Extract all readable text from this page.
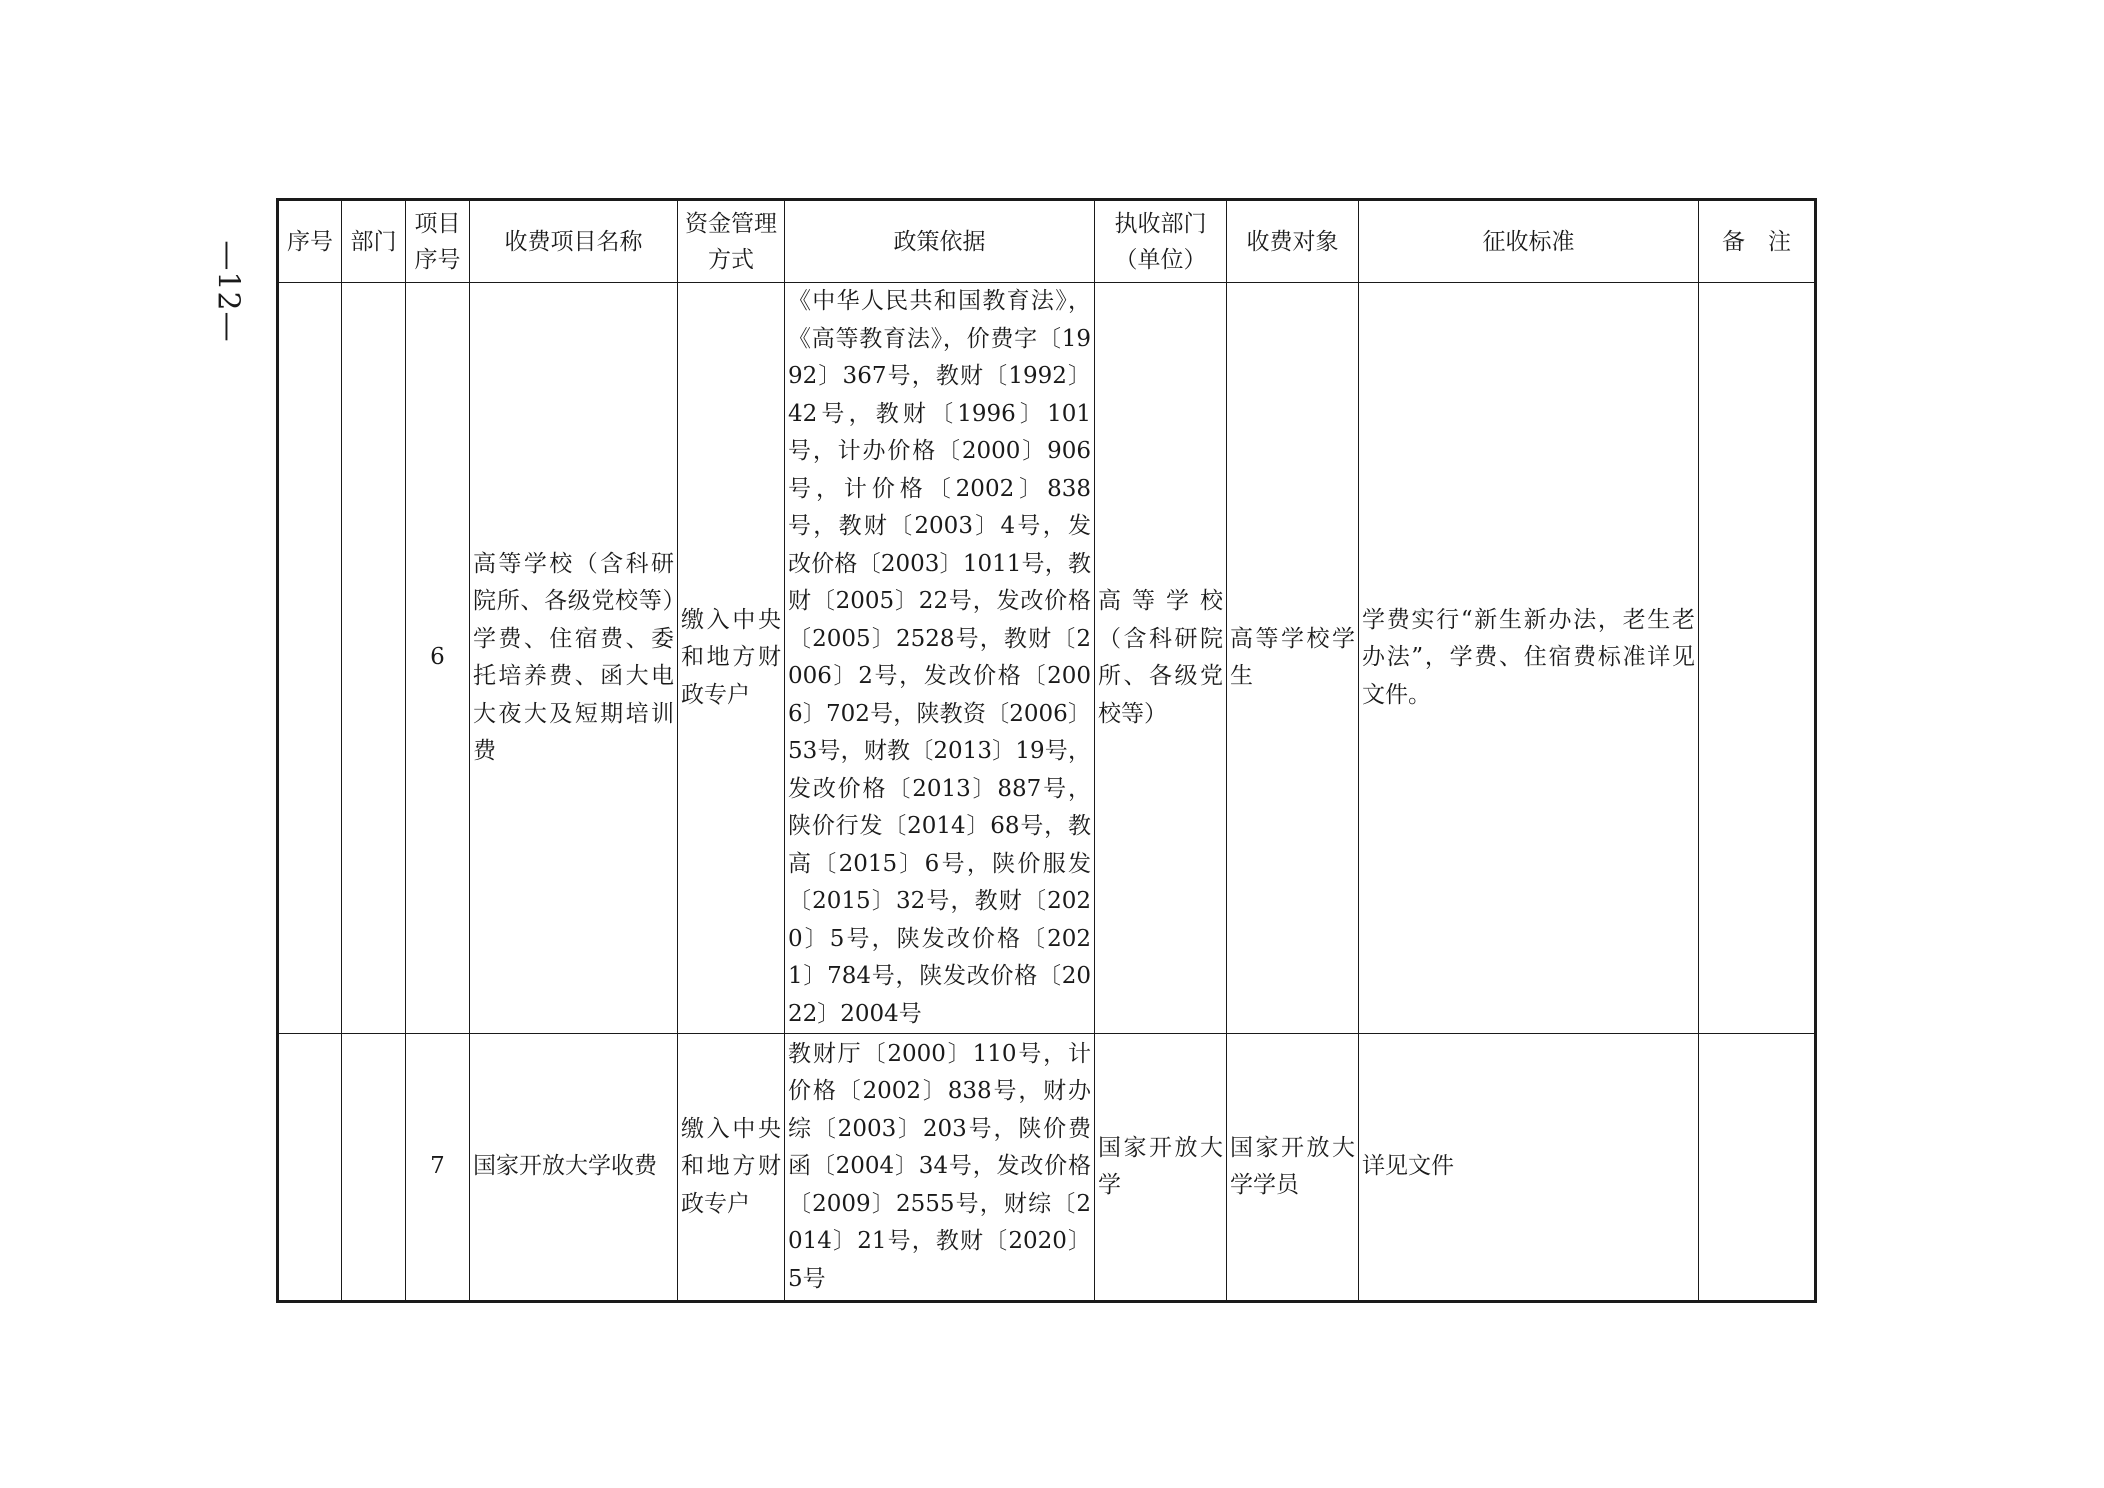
—12— 序号	部门	项目序号	收费项目名称	资金管理方式	政策依据	执收部门（单位）	收费对象	征收标准	备　注
		6	高等学校（含科研院所、各级党校等）学费、住宿费、委托培养费、函大电大夜大及短期培训费	缴入中央和地方财政专户	《中华人民共和国教育法》，《高等教育法》，价费字〔1992〕367号，教财〔1992〕42号，教财〔1996〕101号，计办价格〔2000〕906号，计价格〔2002〕838号，教财〔2003〕4号，发改价格〔2003〕1011号，教财〔2005〕22号，发改价格〔2005〕2528号，教财〔2006〕2号，发改价格〔2006〕702号，陕教资〔2006〕53号，财教〔2013〕19号，发改价格〔2013〕887号，陕价行发〔2014〕68号，教高〔2015〕6号，陕价服发〔2015〕32号，教财〔2020〕5号，陕发改价格〔2021〕784号，陕发改价格〔2022〕2004号	高等学校（含科研院所、各级党校等）	高等学校学生	学费实行“新生新办法，老生老办法”，学费、住宿费标准详见文件。	
		7	国家开放大学收费	缴入中央和地方财政专户	教财厅〔2000〕110号，计价格〔2002〕838号，财办综〔2003〕203号，陕价费函〔2004〕34号，发改价格〔2009〕2555号，财综〔2014〕21号，教财〔2020〕5号	国家开放大学	国家开放大学学员	详见文件	
